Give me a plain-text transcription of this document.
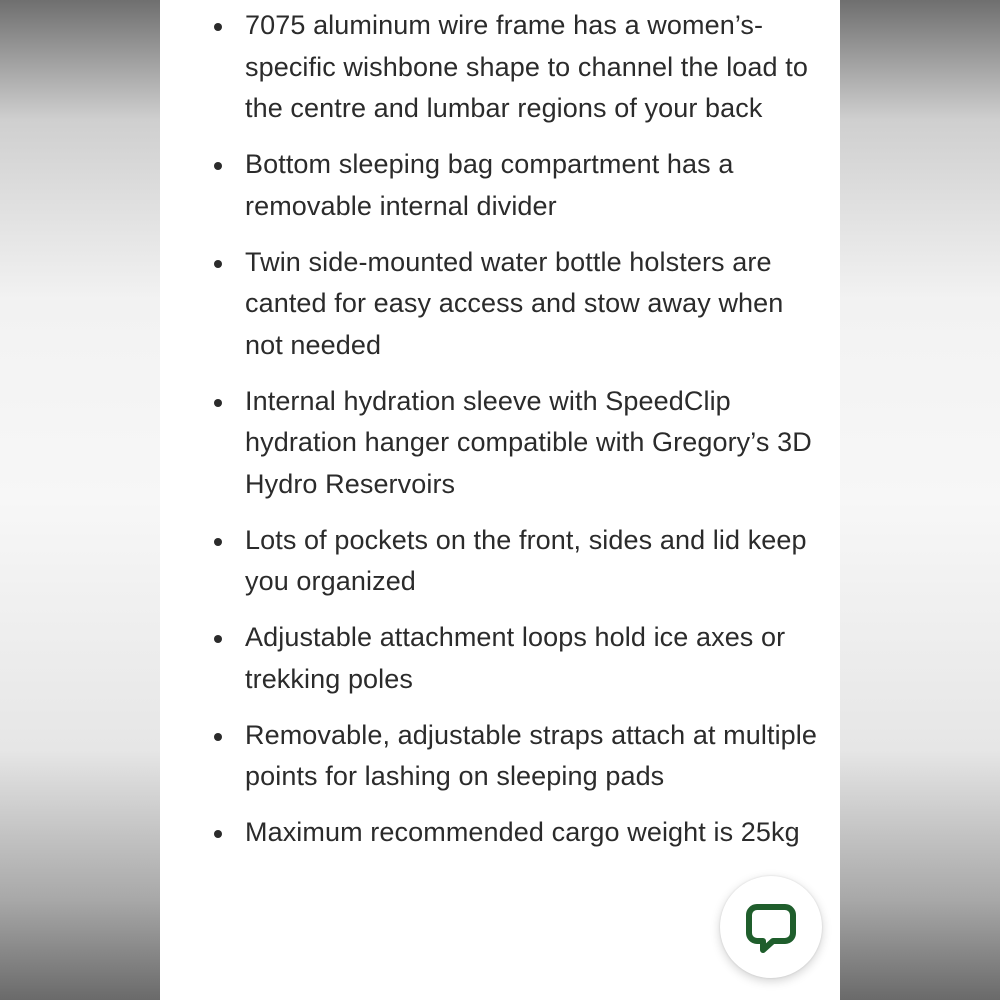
7075 aluminum wire frame has a women’s-specific wishbone shape to channel the load to the centre and lumbar regions of your back
Bottom sleeping bag compartment has a removable internal divider
Twin side-mounted water bottle holsters are canted for easy access and stow away when not needed
Internal hydration sleeve with SpeedClip hydration hanger compatible with Gregory’s 3D Hydro Reservoirs
Lots of pockets on the front, sides and lid keep you organized
Adjustable attachment loops hold ice axes or trekking poles
Removable, adjustable straps attach at multiple points for lashing on sleeping pads
Maximum recommended cargo weight is 25kg
